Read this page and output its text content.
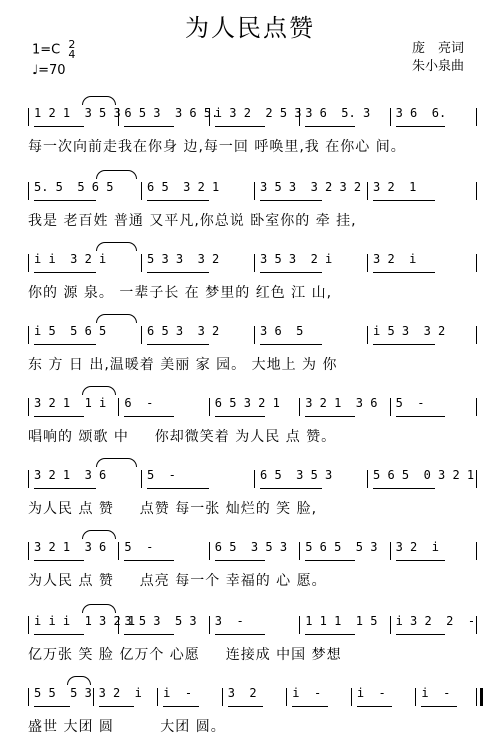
为人民点赞
1=C 2
4
♩=70
庞　亮词
朱小泉曲
1 2 1  3 5 3 6 5 3  3 6 5.
i 3 2  2 5 3 3 6  5. 3 3 6  6.
每一次向前走我在你身 边,每一回 呼唤里,我 在你心 间。
5. 5  5 6 5	6 5  3 2 1	3 5 3  3 2 3 2 3 2  1
我是 老百姓 普通 又平凡,你总说 卧室你的 牵 挂,
i i  3 2 i	5 3 3  3 2	3 5 3  2 i	3 2  i
你的 源 泉。 一辈子长 在 梦里的 红色 江 山,
i 5  5 6 5	6 5 3  3 2	3 6  5	i 5 3  3 2
东 方 日 出,温暖着 美丽 家 园。 大地上 为 你
3 2 1  1 i 6  -	6 5 3 2 1 3 2 1  3 6 5  -
唱响的 颂歌 中 　 你却微笑着 为人民 点 赞。
3 2 1  3 6	5  -	6 5  3 5 3	5 6 5  0 3 2 1
为人民 点 赞 　 点赞 每一张 灿烂的 笑 脸,
3 2 1  3 6 5  -	6 5  3 5 3 5 6 5  5 3 3 2  i
为人民 点 赞 　 点亮 每一个 幸福的 心 愿。
i i i  1 3 2 1
3 5 3  5 3 3  -	1 1 1  1 5 i 3 2  2  -
亿万张 笑 脸 亿万个 心愿 　 连接成 中国 梦想
5 5  5 3 3 2  i i  -	3  2	i  -	i  -	i  -
盛世 大团 圆 　 　 大团 圆。
